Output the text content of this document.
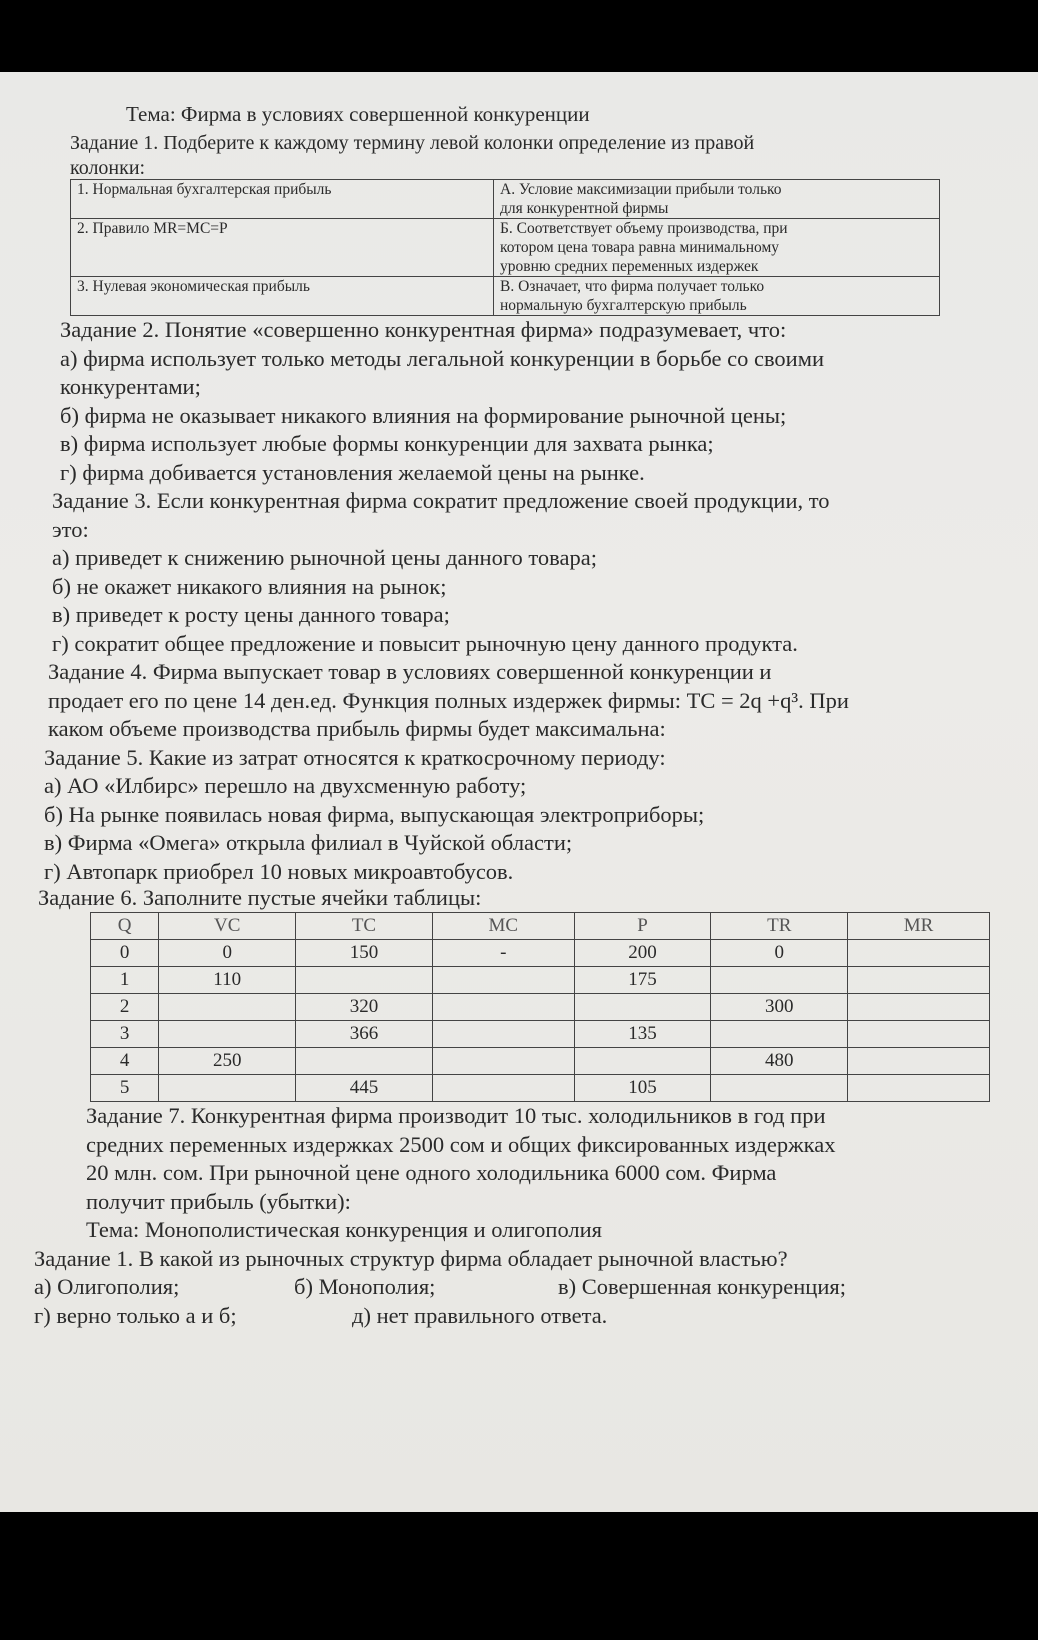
Тема: Фирма в условиях совершенной конкуренции
Задание 1. Подберите к каждому термину левой колонки определение из правой
колонки:
1. Нормальная бухгалтерская прибыль	А. Условие максимизации прибыли только
для конкурентной фирмы

2. Правило MR=MC=P	Б. Соответствует объему производства, при
котором цена товара равна минимальному
уровню средних переменных издержек

3. Нулевая экономическая прибыль	В. Означает, что фирма получает только
нормальную бухгалтерскую прибыль
Задание 2. Понятие «совершенно конкурентная фирма» подразумевает, что:
а) фирма использует только методы легальной конкуренции в борьбе со своими
конкурентами;
б) фирма не оказывает никакого влияния на формирование рыночной цены;
в) фирма использует любые формы конкуренции для захвата рынка;
г) фирма добивается установления желаемой цены на рынке.
Задание 3. Если конкурентная фирма сократит предложение своей продукции, то
это:
а) приведет к снижению рыночной цены данного товара;
б) не окажет никакого влияния на рынок;
в) приведет к росту цены данного товара;
г) сократит общее предложение и повысит рыночную цену данного продукта.
Задание 4. Фирма выпускает товар в условиях совершенной конкуренции и
продает его по цене 14 ден.ед. Функция полных издержек фирмы: TC = 2q +q³. При
каком объеме производства прибыль фирмы будет максимальна:
Задание 5. Какие из затрат относятся к краткосрочному периоду:
а) АО «Илбирс» перешло на двухсменную работу;
б) На рынке появилась новая фирма, выпускающая электроприборы;
в) Фирма «Омега» открыла филиал в Чуйской области;
г) Автопарк приобрел 10 новых микроавтобусов.
Задание 6. Заполните пустые ячейки таблицы:
Q	VC	TC	MC	P	TR	MR
0	0	150	-	200	0	
1	110			175		
2		320			300	
3		366		135		
4	250				480	
5		445		105		
Задание 7. Конкурентная фирма производит 10 тыс. холодильников в год при
средних переменных издержках 2500 сом и общих фиксированных издержках
20 млн. сом. При рыночной цене одного холодильника 6000 сом. Фирма
получит прибыль (убытки):
Тема: Монополистическая конкуренция и олигополия
Задание 1. В какой из рыночных структур фирма обладает рыночной властью?
а) Олигополия;	б) Монополия;	в) Совершенная конкуренция;
г) верно только а и б;	д) нет правильного ответа.
